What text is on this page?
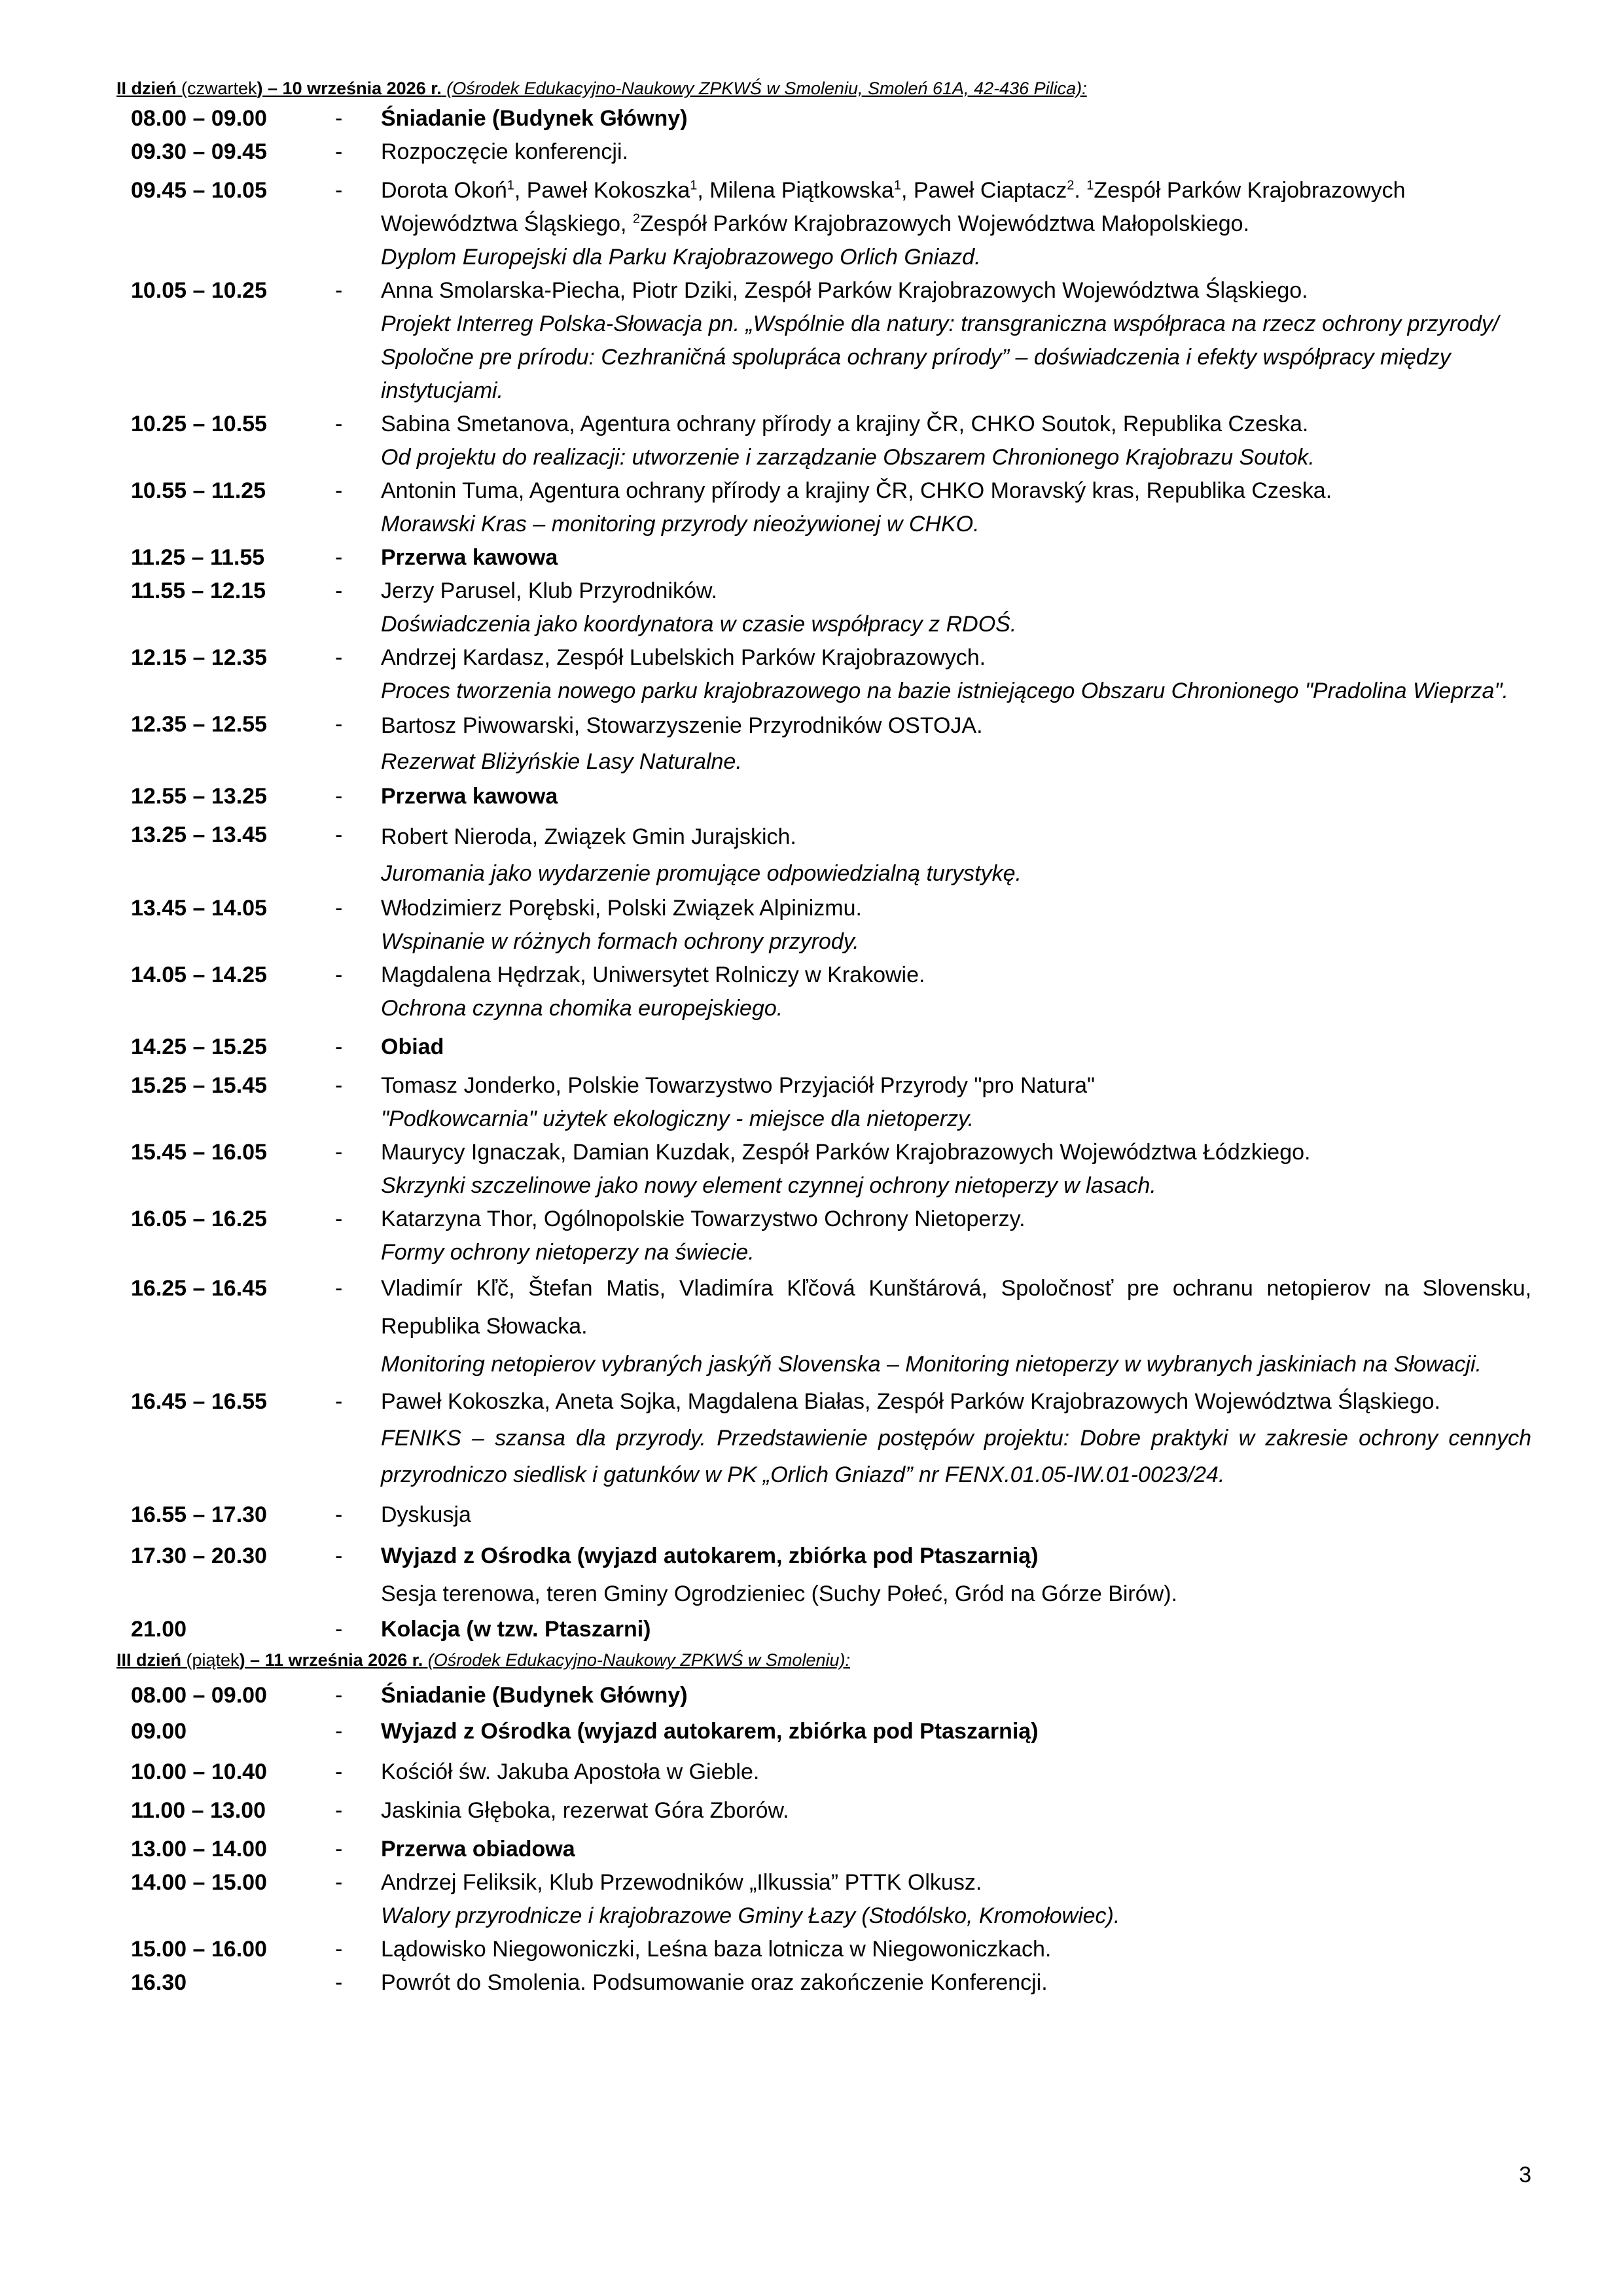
II dzień (czwartek) – 10 września 2026 r. (Ośrodek Edukacyjno-Naukowy ZPKWŚ w Smoleniu, Smoleń 61A, 42-436 Pilica):
08.00 – 09.00	- Śniadanie (Budynek Główny)
09.30 – 09.45	- Rozpoczęcie konferencji.
09.45 – 10.05	- Dorota Okoń$^1$, Paweł Kokoszka$^1$, Milena Piątkowska$^1$, Paweł Ciaptacz$^2$. $^1$Zespół Parków Krajobrazowych Województwa Śląskiego, $^2$Zespół Parków Krajobrazowych Województwa Małopolskiego.
Dyplom Europejski dla Parku Krajobrazowego Orlich Gniazd.
10.05 – 10.25	- Anna Smolarska-Piecha, Piotr Dziki, Zespół Parków Krajobrazowych Województwa Śląskiego.
Projekt Interreg Polska-Słowacja pn. „Wspólnie dla natury: transgraniczna współpraca na rzecz ochrony przyrody/ Spoločne pre prírodu: Cezhraničná spolupráca ochrany prírody” – doświadczenia i efekty współpracy między instytucjami.
10.25 – 10.55	- Sabina Smetanova, Agentura ochrany přírody a krajiny ČR, CHKO Soutok, Republika Czeska.
Od projektu do realizacji: utworzenie i zarządzanie Obszarem Chronionego Krajobrazu Soutok.
10.55 – 11.25	- Antonin Tuma, Agentura ochrany přírody a krajiny ČR, CHKO Moravský kras, Republika Czeska.
Morawski Kras – monitoring przyrody nieożywionej w CHKO.
11.25 – 11.55	- Przerwa kawowa
11.55 – 12.15	- Jerzy Parusel, Klub Przyrodników.
Doświadczenia jako koordynatora w czasie współpracy z RDOŚ.
12.15 – 12.35	- Andrzej Kardasz, Zespół Lubelskich Parków Krajobrazowych.
Proces tworzenia nowego parku krajobrazowego na bazie istniejącego Obszaru Chronionego "Pradolina Wieprza".
12.35 – 12.55	- Bartosz Piwowarski, Stowarzyszenie Przyrodników OSTOJA.
Rezerwat Bliżyńskie Lasy Naturalne.
12.55 – 13.25	- Przerwa kawowa
13.25 – 13.45	- Robert Nieroda, Związek Gmin Jurajskich.
Juromania jako wydarzenie promujące odpowiedzialną turystykę.
13.45 – 14.05	- Włodzimierz Porębski, Polski Związek Alpinizmu.
Wspinanie w różnych formach ochrony przyrody.
14.05 – 14.25	- Magdalena Hędrzak, Uniwersytet Rolniczy w Krakowie.
Ochrona czynna chomika europejskiego.
14.25 – 15.25	- Obiad
15.25 – 15.45	- Tomasz Jonderko, Polskie Towarzystwo Przyjaciół Przyrody "pro Natura"
"Podkowcarnia" użytek ekologiczny - miejsce dla nietoperzy.
15.45 – 16.05	- Maurycy Ignaczak, Damian Kuzdak, Zespół Parków Krajobrazowych Województwa Łódzkiego.
Skrzynki szczelinowe jako nowy element czynnej ochrony nietoperzy w lasach.
16.05 – 16.25	- Katarzyna Thor, Ogólnopolskie Towarzystwo Ochrony Nietoperzy.
Formy ochrony nietoperzy na świecie.
16.25 – 16.45	- Vladimír Kľč, Štefan Matis, Vladimíra Kľčová Kunštárová, Spoločnosť pre ochranu netopierov na Slovensku, Republika Słowacka.
Monitoring netopierov vybraných jaskýň Slovenska – Monitoring nietoperzy w wybranych jaskiniach na Słowacji.
16.45 – 16.55	- Paweł Kokoszka, Aneta Sojka, Magdalena Białas, Zespół Parków Krajobrazowych Województwa Śląskiego.
FENIKS – szansa dla przyrody. Przedstawienie postępów projektu: Dobre praktyki w zakresie ochrony cennych przyrodniczo siedlisk i gatunków w PK „Orlich Gniazd” nr FENX.01.05-IW.01-0023/24.
16.55 – 17.30	- Dyskusja
17.30 – 20.30	- Wyjazd z Ośrodka (wyjazd autokarem, zbiórka pod Ptaszarnią)
Sesja terenowa, teren Gminy Ogrodzieniec (Suchy Połeć, Gród na Górze Birów).
21.00	- Kolacja (w tzw. Ptaszarni)
III dzień (piątek) – 11 września 2026 r. (Ośrodek Edukacyjno-Naukowy ZPKWŚ w Smoleniu):
08.00 – 09.00	- Śniadanie (Budynek Główny)
09.00	- Wyjazd z Ośrodka (wyjazd autokarem, zbiórka pod Ptaszarnią)
10.00 – 10.40	- Kościół św. Jakuba Apostoła w Gieble.
11.00 – 13.00	- Jaskinia Głęboka, rezerwat Góra Zborów.
13.00 – 14.00	- Przerwa obiadowa
14.00 – 15.00	- Andrzej Feliksik, Klub Przewodników „Ilkussia” PTTK Olkusz.
Walory przyrodnicze i krajobrazowe Gminy Łazy (Stodólsko, Kromołowiec).
15.00 – 16.00	- Lądowisko Niegowoniczki, Leśna baza lotnicza w Niegowoniczkach.
16.30	- Powrót do Smolenia. Podsumowanie oraz zakończenie Konferencji.
3
